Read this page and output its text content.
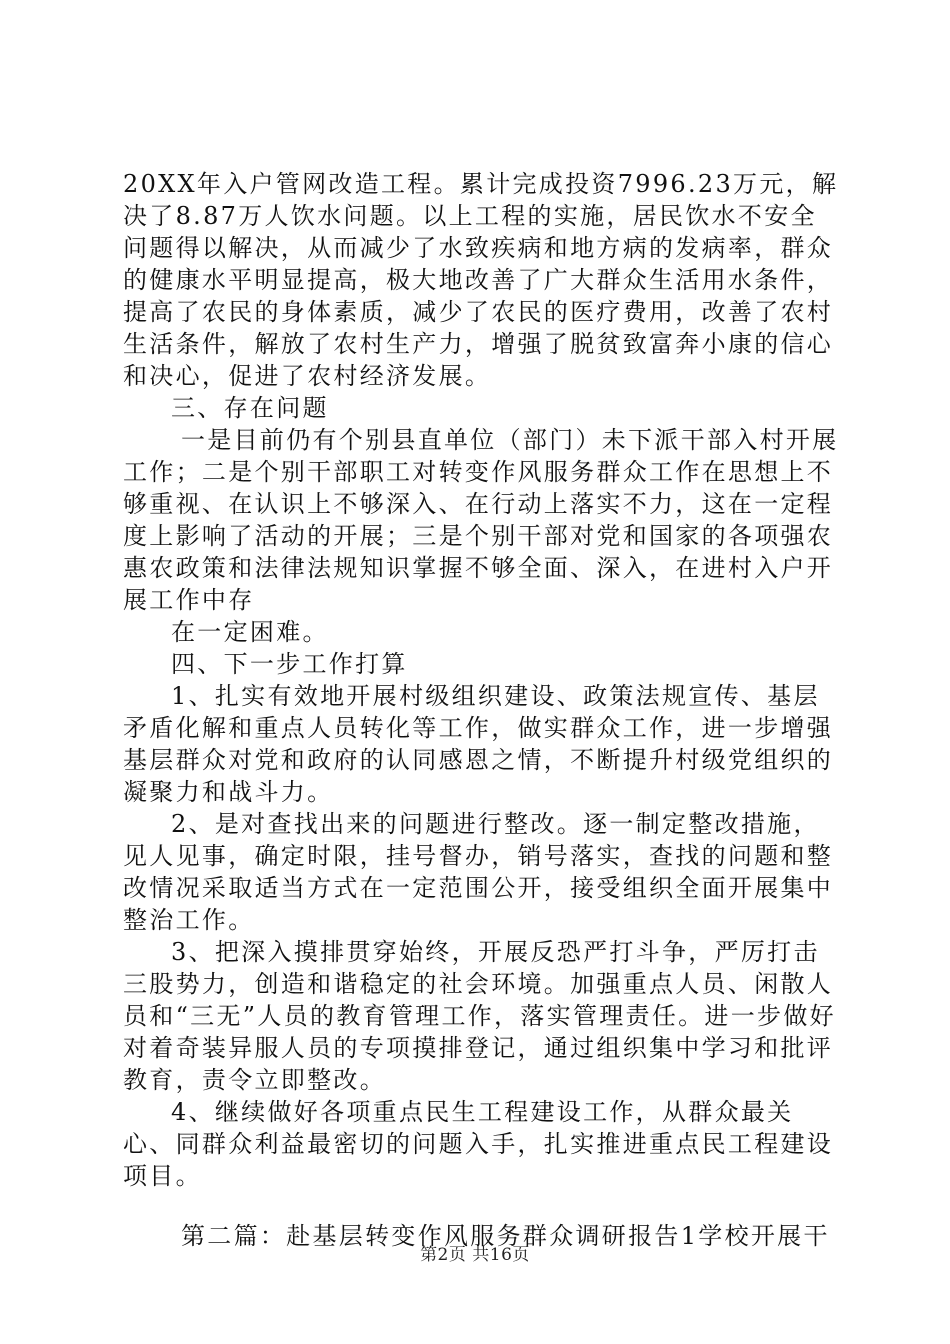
20XX年入户管网改造工程。累计完成投资7996.23万元，解决了8.87万人饮水问题。以上工程的实施，居民饮水不安全问题得以解决，从而减少了水致疾病和地方病的发病率，群众的健康水平明显提高，极大地改善了广大群众生活用水条件，提高了农民的身体素质，减少了农民的医疗费用，改善了农村生活条件，解放了农村生产力，增强了脱贫致富奔小康的信心和决心，促进了农村经济发展。

三、存在问题

一是目前仍有个别县直单位（部门）未下派干部入村开展工作；二是个别干部职工对转变作风服务群众工作在思想上不够重视、在认识上不够深入、在行动上落实不力，这在一定程度上影响了活动的开展；三是个别干部对党和国家的各项强农惠农政策和法律法规知识掌握不够全面、深入，在进村入户开展工作中存

在一定困难。

四、下一步工作打算

1、扎实有效地开展村级组织建设、政策法规宣传、基层矛盾化解和重点人员转化等工作，做实群众工作，进一步增强基层群众对党和政府的认同感恩之情，不断提升村级党组织的凝聚力和战斗力。

2、是对查找出来的问题进行整改。逐一制定整改措施，见人见事，确定时限，挂号督办，销号落实，查找的问题和整改情况采取适当方式在一定范围公开，接受组织全面开展集中整治工作。

3、把深入摸排贯穿始终，开展反恐严打斗争，严厉打击三股势力，创造和谐稳定的社会环境。加强重点人员、闲散人员和“三无”人员的教育管理工作，落实管理责任。进一步做好对着奇装异服人员的专项摸排登记，通过组织集中学习和批评教育，责令立即整改。

4、继续做好各项重点民生工程建设工作，从群众最关心、同群众利益最密切的问题入手，扎实推进重点民工程建设项目。

第二篇：赴基层转变作风服务群众调研报告1学校开展干

第2页 共16页
